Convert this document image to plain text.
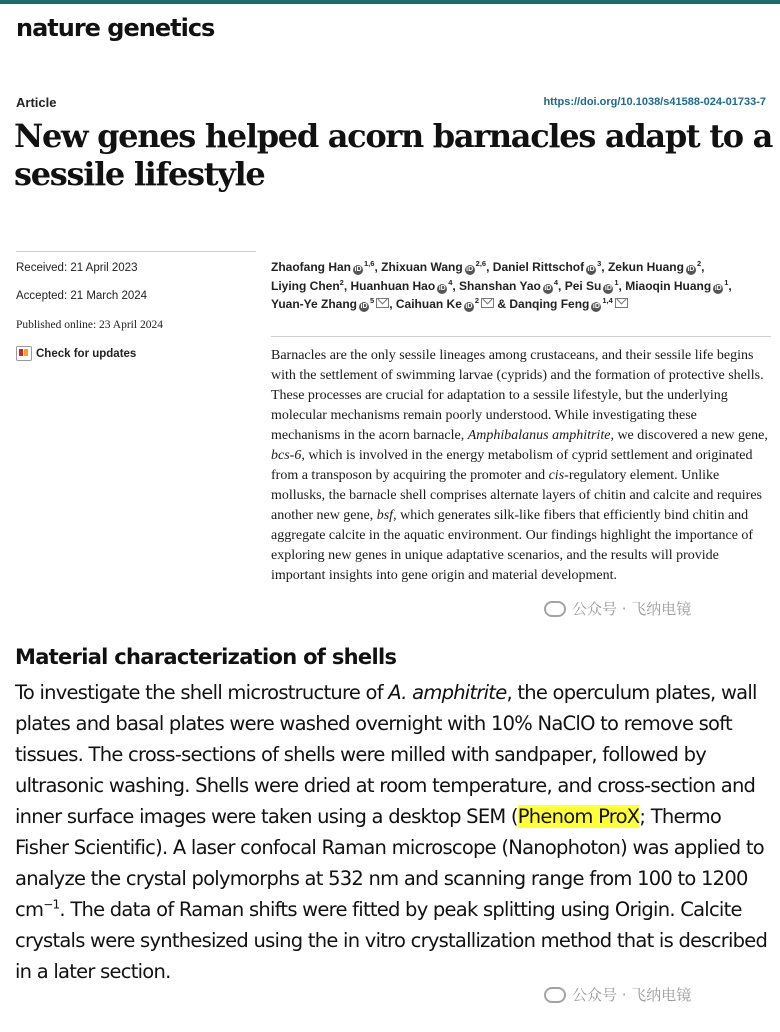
nature genetics
Article	https://doi.org/10.1038/s41588-024-01733-7
New genes helped acorn barnacles adapt to a sessile lifestyle
Received: 21 April 2023
Accepted: 21 March 2024
Published online: 23 April 2024
Check for updates
Zhaofang Han iD$^{1,6}$, Zhixuan Wang iD$^{2,6}$, Daniel Rittschof $iD^3$, Zekun Huang $iD^2$, Liying Chen$^2$, Huanhuan Hao $iD^4$, Shanshan Yao $iD^4$, Pei Su $iD^1$, Miaoqin Huang $iD^1$, Yuan-Ye Zhang $iD^5$ , Caihuan Ke $iD^2$ & Danqing Feng iD$^{1,4}$

Barnacles are the only sessile lineages among crustaceans, and their sessile life begins with the settlement of swimming larvae (cyprids) and the formation of protective shells. These processes are crucial for adaptation to a sessile lifestyle, but the underlying molecular mechanisms remain poorly understood. While investigating these mechanisms in the acorn barnacle, Amphibalanus amphitrite, we discovered a new gene, bcs-6, which is involved in the energy metabolism of cyprid settlement and originated from a transposon by acquiring the promoter and cis-regulatory element. Unlike mollusks, the barnacle shell comprises alternate layers of chitin and calcite and requires another new gene, bsf, which generates silk-like fibers that efficiently bind chitin and aggregate calcite in the aquatic environment. Our findings highlight the importance of exploring new genes in unique adaptative scenarios, and the results will provide important insights into gene origin and material development.

Material characterization of shells

To investigate the shell microstructure of A. amphitrite, the operculum plates, wall plates and basal plates were washed overnight with 10% NaClO to remove soft tissues. The cross-sections of shells were milled with sandpaper, followed by ultrasonic washing. Shells were dried at room temperature, and cross-section and inner surface images were taken using a desktop SEM (Phenom ProX; Thermo Fisher Scientific). A laser confocal Raman microscope (Nanophoton) was applied to analyze the crystal polymorphs at 532 nm and scanning range from 100 to 1200 $cm^{-1}$. The data of Raman shifts were fitted by peak splitting using Origin. Calcite crystals were synthesized using the in vitro crystallization method that is described in a later section.

公众号 · 飞纳电镜
公众号 · 飞纳电镜
